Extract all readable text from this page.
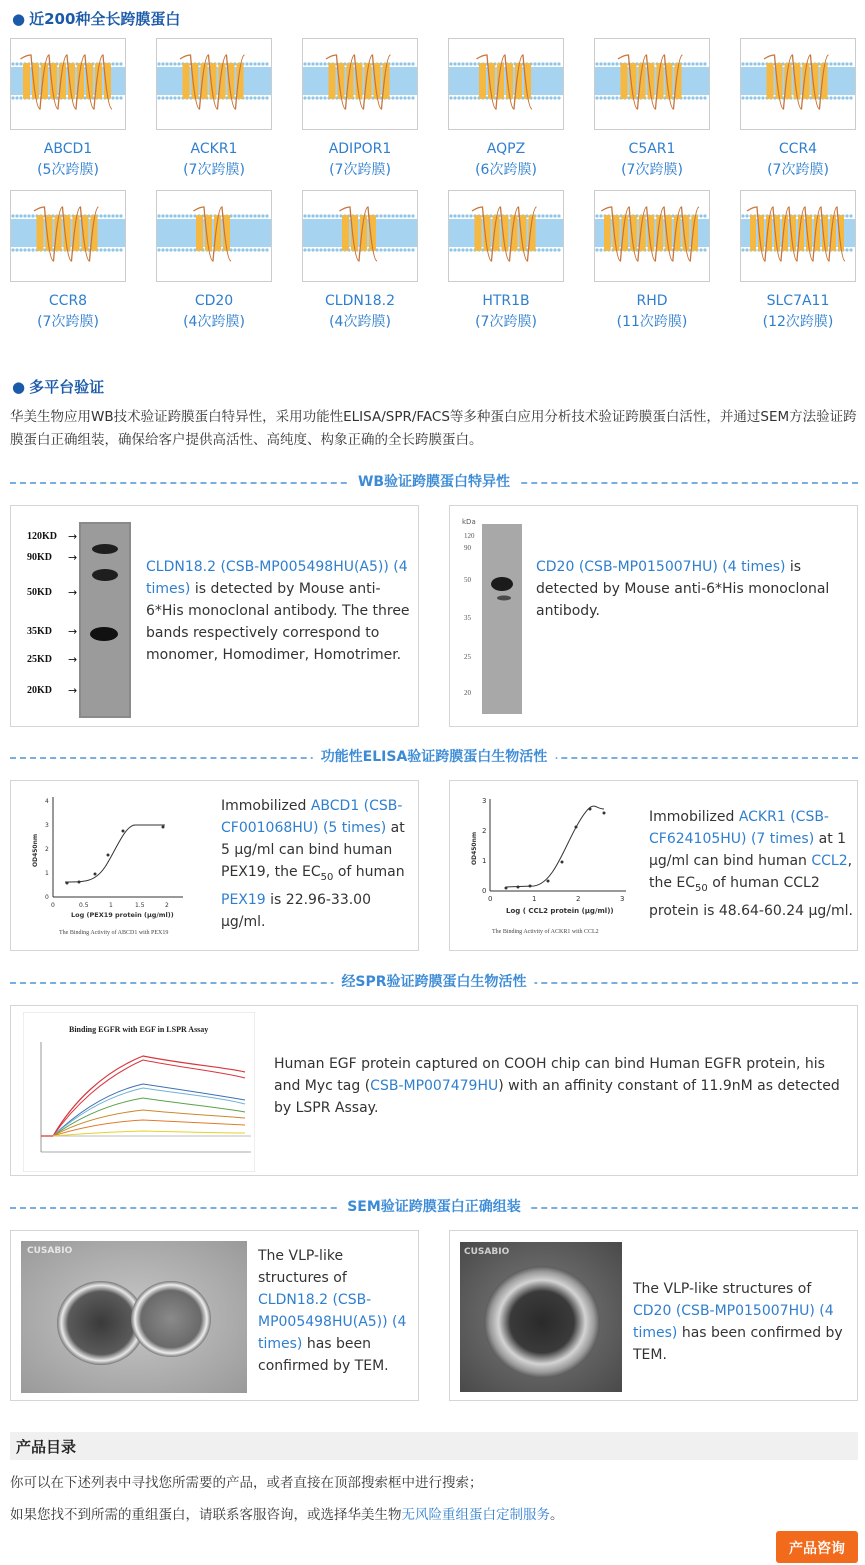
● 近200种全长跨膜蛋白
ABCD1
(5次跨膜)
ACKR1
(7次跨膜)
ADIPOR1
(7次跨膜)
AQPZ
(6次跨膜)
C5AR1
(7次跨膜)
CCR4
(7次跨膜)
CCR8
(7次跨膜)
CD20
(4次跨膜)
CLDN18.2
(4次跨膜)
HTR1B
(7次跨膜)
RHD
(11次跨膜)
SLC7A11
(12次跨膜)
● 多平台验证
华美生物应用WB技术验证跨膜蛋白特异性，采用功能性ELISA/SPR/FACS等多种蛋白应用分析技术验证跨膜蛋白活性，并通过SEM方法验证跨膜蛋白正确组装，确保给客户提供高活性、高纯度、构象正确的全长跨膜蛋白。
WB验证跨膜蛋白特异性
120KD →
90KD →
50KD →
35KD →
25KD →
20KD →
CLDN18.2 (CSB-MP005498HU(A5)) (4 times) is detected by Mouse anti-6*His monoclonal antibody. The three bands respectively correspond to monomer, Homodimer, Homotrimer.
kDa
120
90
50
35
25
20
CD20 (CSB-MP015007HU) (4 times) is detected by Mouse anti-6*His monoclonal antibody.
功能性ELISA验证跨膜蛋白生物活性
0
1
2
3
4
0	0.5	1	1.5	2
OD450nm
Log (PEX19 protein (μg/ml))
The Binding Activity of ABCD1 with PEX19
Immobilized ABCD1 (CSB-CF001068HU) (5 times) at 5 μg/ml can bind human PEX19, the $EC_{50}$ of human PEX19 is 22.96-33.00 μg/ml.
0
1
2
3
0	1	2	3
OD450nm
Log ( CCL2 protein (μg/ml))
The Binding Activity of ACKR1 with CCL2
Immobilized ACKR1 (CSB-CF624105HU) (7 times) at 1 μg/ml can bind human CCL2, the $EC_{50}$ of human CCL2 protein is 48.64-60.24 μg/ml.
经SPR验证跨膜蛋白生物活性
Binding EGFR with EGF in LSPR Assay
Human EGF protein captured on COOH chip can bind Human EGFR protein, his and Myc tag (CSB-MP007479HU) with an affinity constant of 11.9nM as detected by LSPR Assay.
SEM验证跨膜蛋白正确组装
CUSABIO	The VLP-like structures of CLDN18.2 (CSB-MP005498HU(A5)) (4 times) has been confirmed by TEM.
CUSABIO
The VLP-like structures of CD20 (CSB-MP015007HU) (4 times) has been confirmed by TEM.
产品目录
你可以在下述列表中寻找您所需要的产品，或者直接在顶部搜索框中进行搜索；
如果您找不到所需的重组蛋白，请联系客服咨询，或选择华美生物无风险重组蛋白定制服务。
产品咨询
